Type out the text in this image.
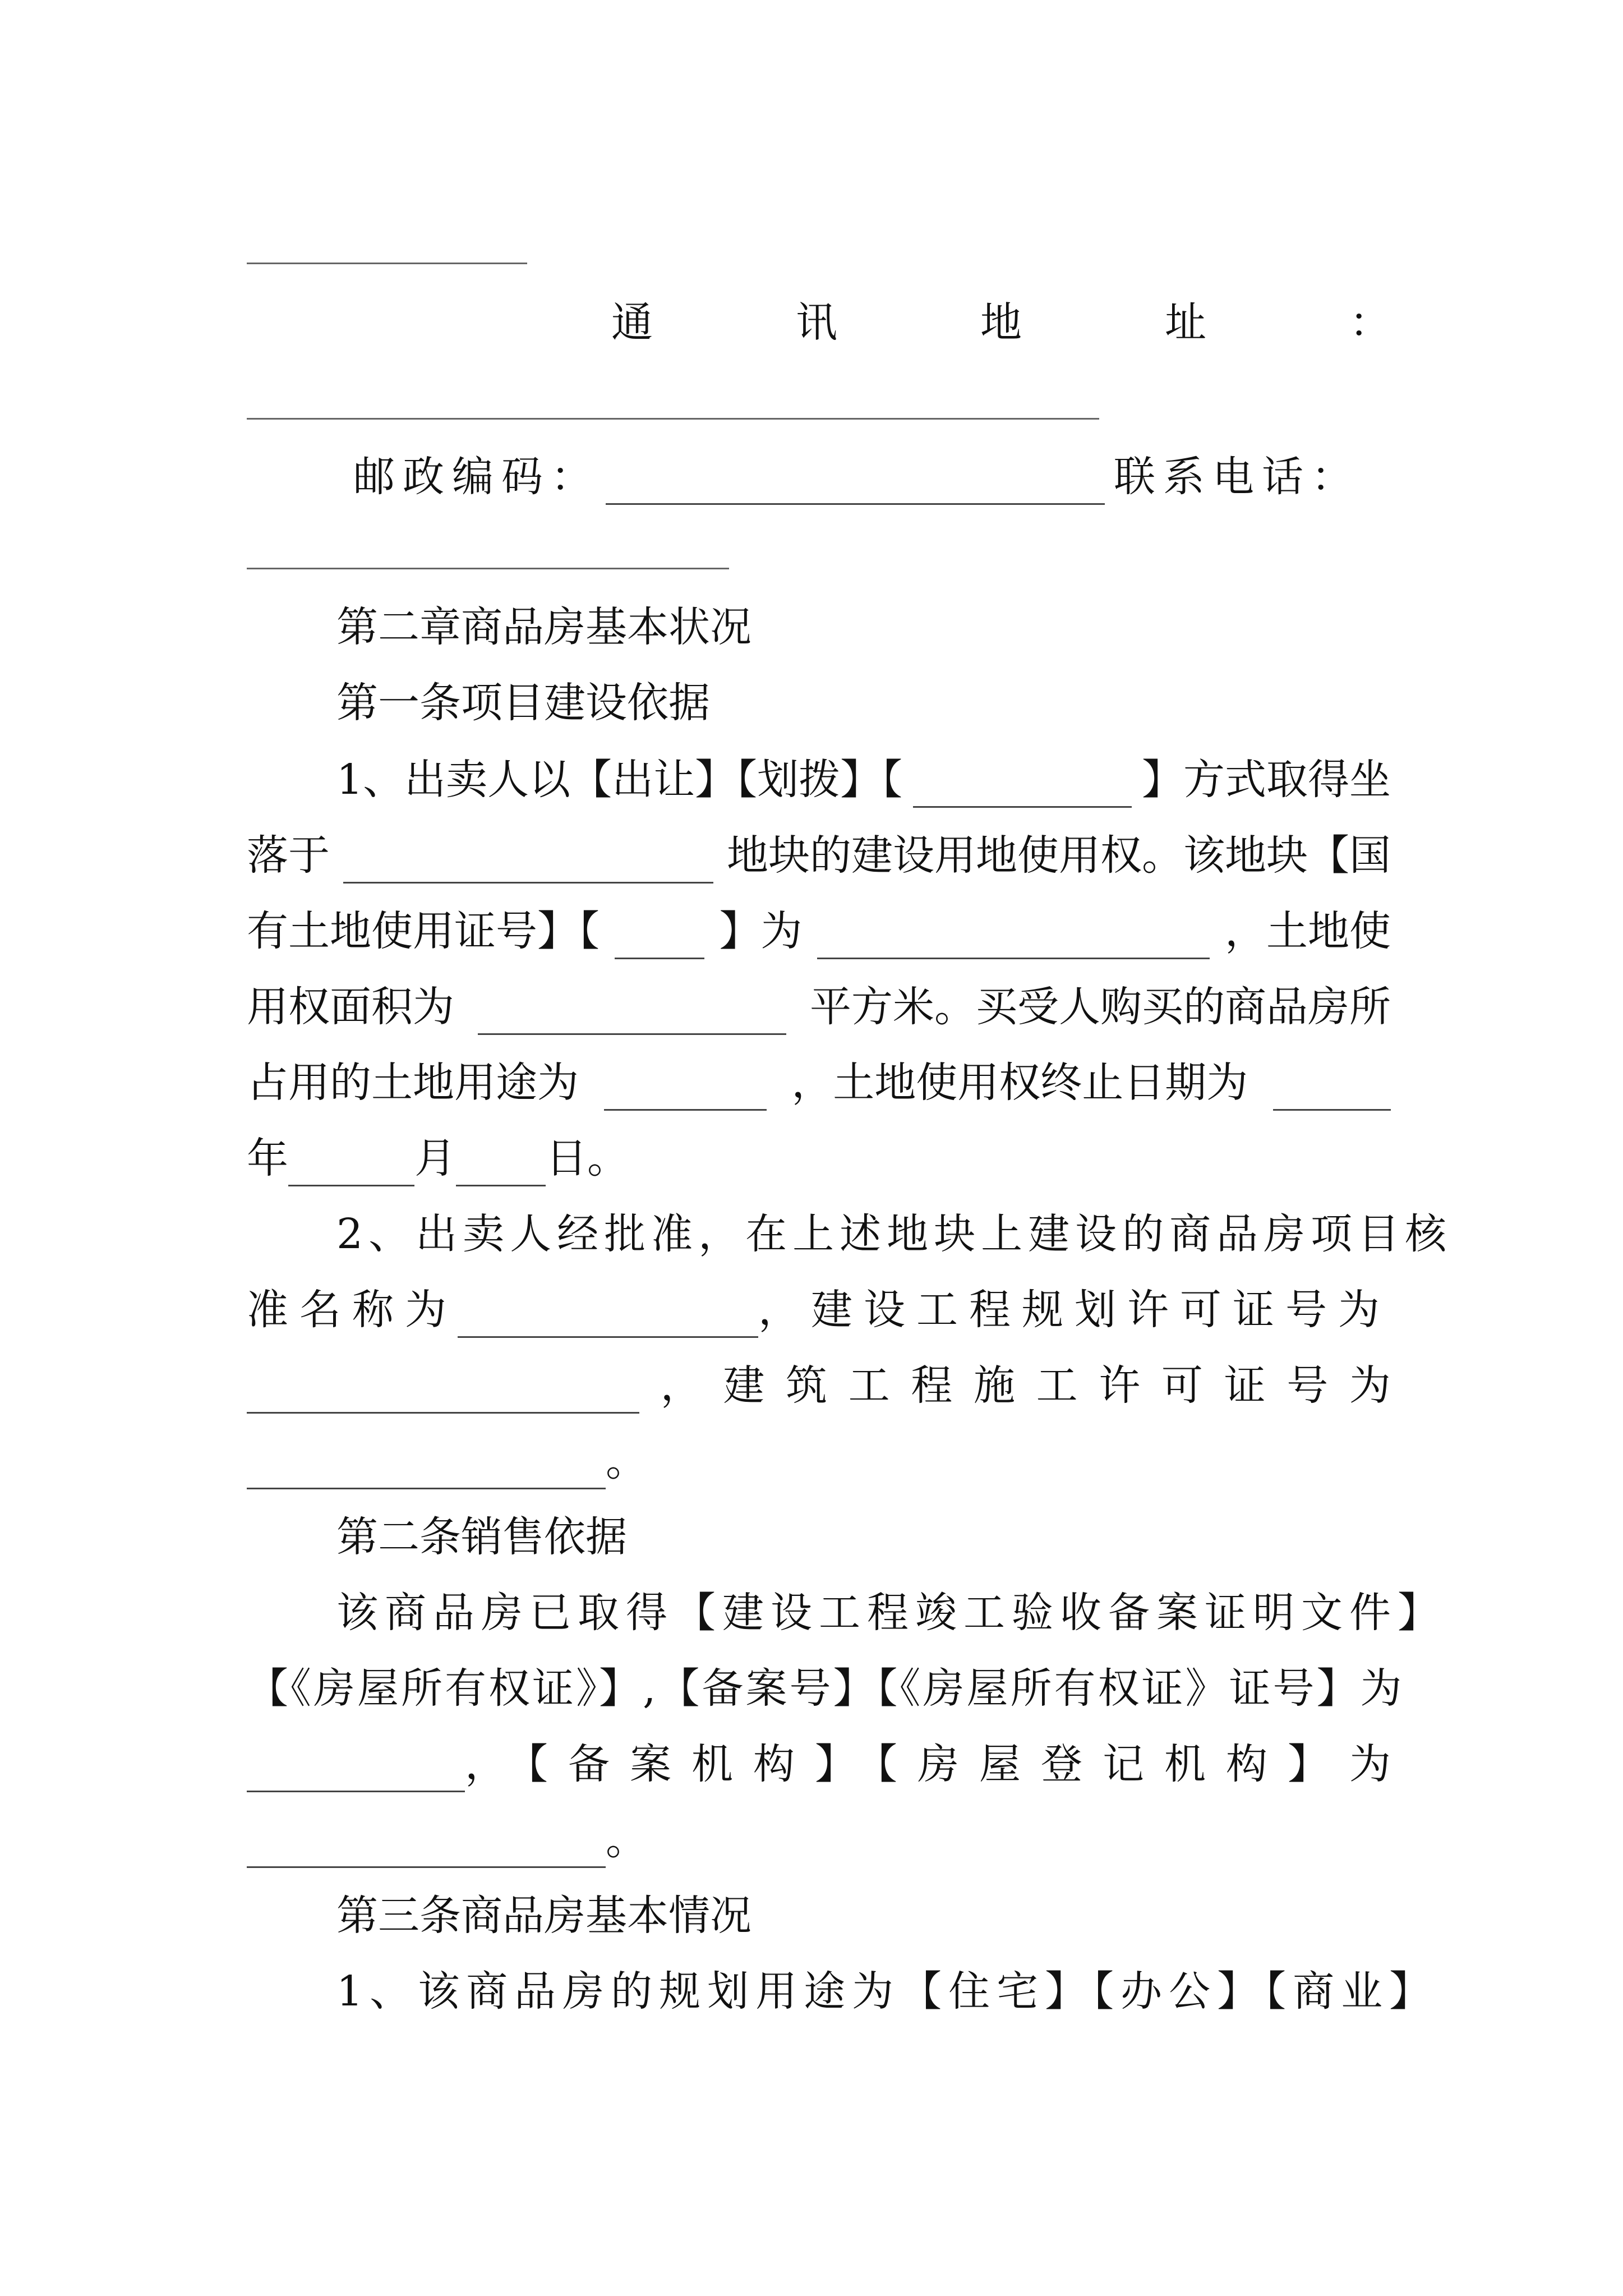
通	讯	地	址	：
邮政编码：	联系电话：
第二章商品房基本状况
第一条项目建设依据
1、出卖人以【出让】【划拨】【	】方式取得坐
落于	地块的建设用地使用权。该地块【国
有土地使用证号】【	】为	，土地使
用权面积为	平方米。买受人购买的商品房所
占用的土地用途为	，土地使用权终止日期为
年	月 日。
2、出卖人经批准，在上述地块上建设的商品房项目核
准名称为	，建设工程规划许可证号为
， 建 筑 工 程 施 工 许 可 证 号 为
。
第二条销售依据
该商品房已取得【建设工程竣工验收备案证明文件】
【《房屋所有权证》】,【备案号】【《房屋所有权证》证号】为
， 【备案机构】【房屋登记机构】 为
。
第三条商品房基本情况
1、该商品房的规划用途为【住宅】【办公】【商业】
